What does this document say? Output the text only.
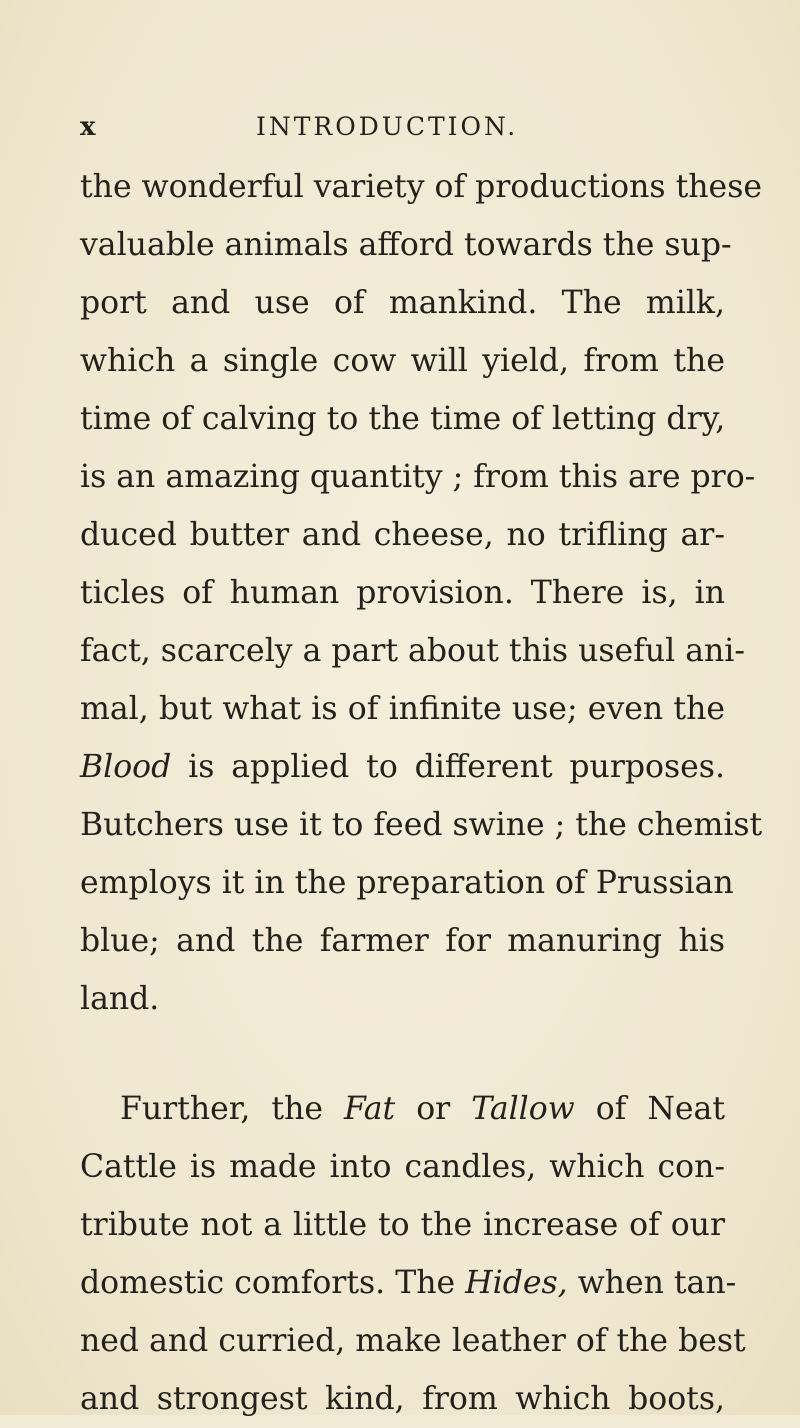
x	INTRODUCTION.
the wonderful variety of productions these
valuable animals afford towards the sup-
port and use of mankind. The milk,
which a single cow will yield, from the
time of calving to the time of letting dry,
is an amazing quantity ; from this are pro-
duced butter and cheese, no trifling ar-
ticles of human provision. There is, in
fact, scarcely a part about this useful ani-
mal, but what is of infinite use; even the
Blood is applied to different purposes.
Butchers use it to feed swine ; the chemist
employs it in the preparation of Prussian
blue; and the farmer for manuring his
land.
Further, the Fat or Tallow of Neat
Cattle is made into candles, which con-
tribute not a little to the increase of our
domestic comforts. The Hides, when tan-
ned and curried, make leather of the best
and strongest kind, from which boots,
